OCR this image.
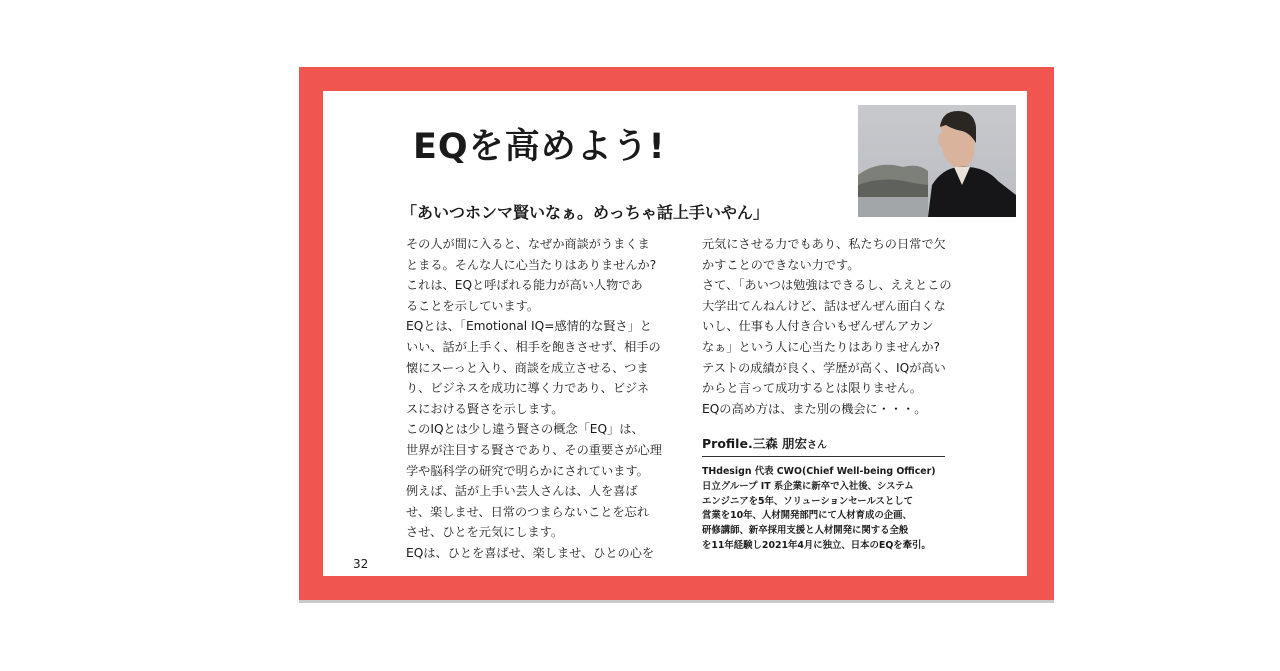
EQを高めよう!
「あいつホンマ賢いなぁ。めっちゃ話上手いやん」
その人が間に入ると、なぜか商談がうまくま
とまる。そんな人に心当たりはありませんか?
これは、EQと呼ばれる能力が高い人物であ
ることを示しています。
EQとは、「Emotional IQ=感情的な賢さ」と
いい、話が上手く、相手を飽きさせず、相手の
懐にスーっと入り、商談を成立させる、つま
り、ビジネスを成功に導く力であり、ビジネ
スにおける賢さを示します。
このIQとは少し違う賢さの概念「EQ」は、
世界が注目する賢さであり、その重要さが心理
学や脳科学の研究で明らかにされています。
例えば、話が上手い芸人さんは、人を喜ば
せ、楽しませ、日常のつまらないことを忘れ
させ、ひとを元気にします。
EQは、ひとを喜ばせ、楽しませ、ひとの心を
元気にさせる力でもあり、私たちの日常で欠
かすことのできない力です。
さて、「あいつは勉強はできるし、ええとこの
大学出てんねんけど、話はぜんぜん面白くな
いし、仕事も人付き合いもぜんぜんアカン
なぁ」という人に心当たりはありませんか?
テストの成績が良く、学歴が高く、IQが高い
からと言って成功するとは限りません。
EQの高め方は、また別の機会に・・・。
Profile.三森 朋宏さん
THdesign 代表 CWO(Chief Well-being Officer)
日立グループ IT 系企業に新卒で入社後、システム
エンジニアを5年、ソリューションセールスとして
営業を10年、人材開発部門にて人材育成の企画、
研修講師、新卒採用支援と人材開発に関する全般
を11年経験し2021年4月に独立、日本のEQを牽引。
32
